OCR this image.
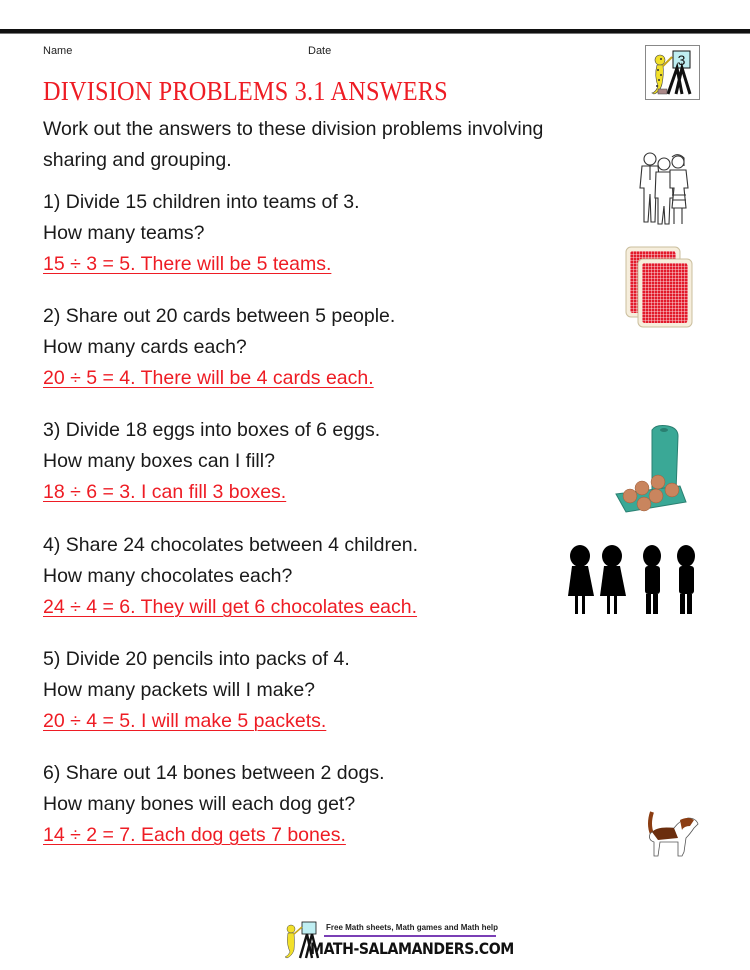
Name	Date
DIVISION PROBLEMS 3.1 ANSWERS
3
Work out the answers to these division problems involving sharing and grouping.
1) Divide 15 children into teams of 3.
How many teams?
15 ÷ 3 = 5. There will be 5 teams.
2) Share out 20 cards between 5 people.
How many cards each?
20 ÷ 5 = 4. There will be 4 cards each.
3) Divide 18 eggs into boxes of 6 eggs.
How many boxes can I fill?
18 ÷ 6 = 3. I can fill 3 boxes.
4) Share 24 chocolates between 4 children.
How many chocolates each?
24 ÷ 4 = 6. They will get 6 chocolates each.
5) Divide 20 pencils into packs of 4.
How many packets will I make?
20 ÷ 4 = 5. I will make 5 packets.
6) Share out 14 bones between 2 dogs.
How many bones will each dog get?
14 ÷ 2 = 7. Each dog gets 7 bones.
Free Math sheets, Math games and Math help
MATH-SALAMANDERS.COM
